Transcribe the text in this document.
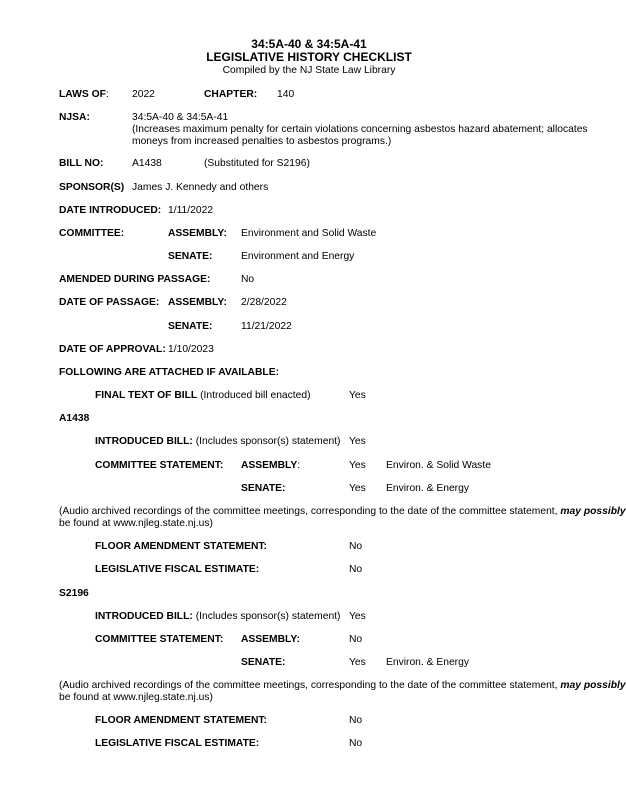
34:5A-40 & 34:5A-41
LEGISLATIVE HISTORY CHECKLIST
Compiled by the NJ State Law Library
LAWS OF: 2022	CHAPTER: 140
NJSA:	34:5A-40 & 34:5A-41
(Increases maximum penalty for certain violations concerning asbestos hazard abatement; allocates
moneys from increased penalties to asbestos programs.)
BILL NO:	A1438	(Substituted for S2196)
SPONSOR(S) James J. Kennedy and others
DATE INTRODUCED: 1/11/2022
COMMITTEE:	ASSEMBLY: Environment and Solid Waste
SENATE:	Environment and Energy
AMENDED DURING PASSAGE:	No
DATE OF PASSAGE: ASSEMBLY: 2/28/2022
SENATE:	11/21/2022
DATE OF APPROVAL: 1/10/2023
FOLLOWING ARE ATTACHED IF AVAILABLE:
FINAL TEXT OF BILL (Introduced bill enacted)	Yes
A1438
INTRODUCED BILL: (Includes sponsor(s) statement) Yes
COMMITTEE STATEMENT: ASSEMBLY:	Yes Environ. & Solid Waste
SENATE:	Yes Environ. & Energy
(Audio archived recordings of the committee meetings, corresponding to the date of the committee statement, may possibly
be found at www.njleg.state.nj.us)
FLOOR AMENDMENT STATEMENT:	No
LEGISLATIVE FISCAL ESTIMATE:	No
S2196
INTRODUCED BILL: (Includes sponsor(s) statement) Yes
COMMITTEE STATEMENT: ASSEMBLY:	No
SENATE:	Yes Environ. & Energy
(Audio archived recordings of the committee meetings, corresponding to the date of the committee statement, may possibly
be found at www.njleg.state.nj.us)
FLOOR AMENDMENT STATEMENT:	No
LEGISLATIVE FISCAL ESTIMATE:	No
